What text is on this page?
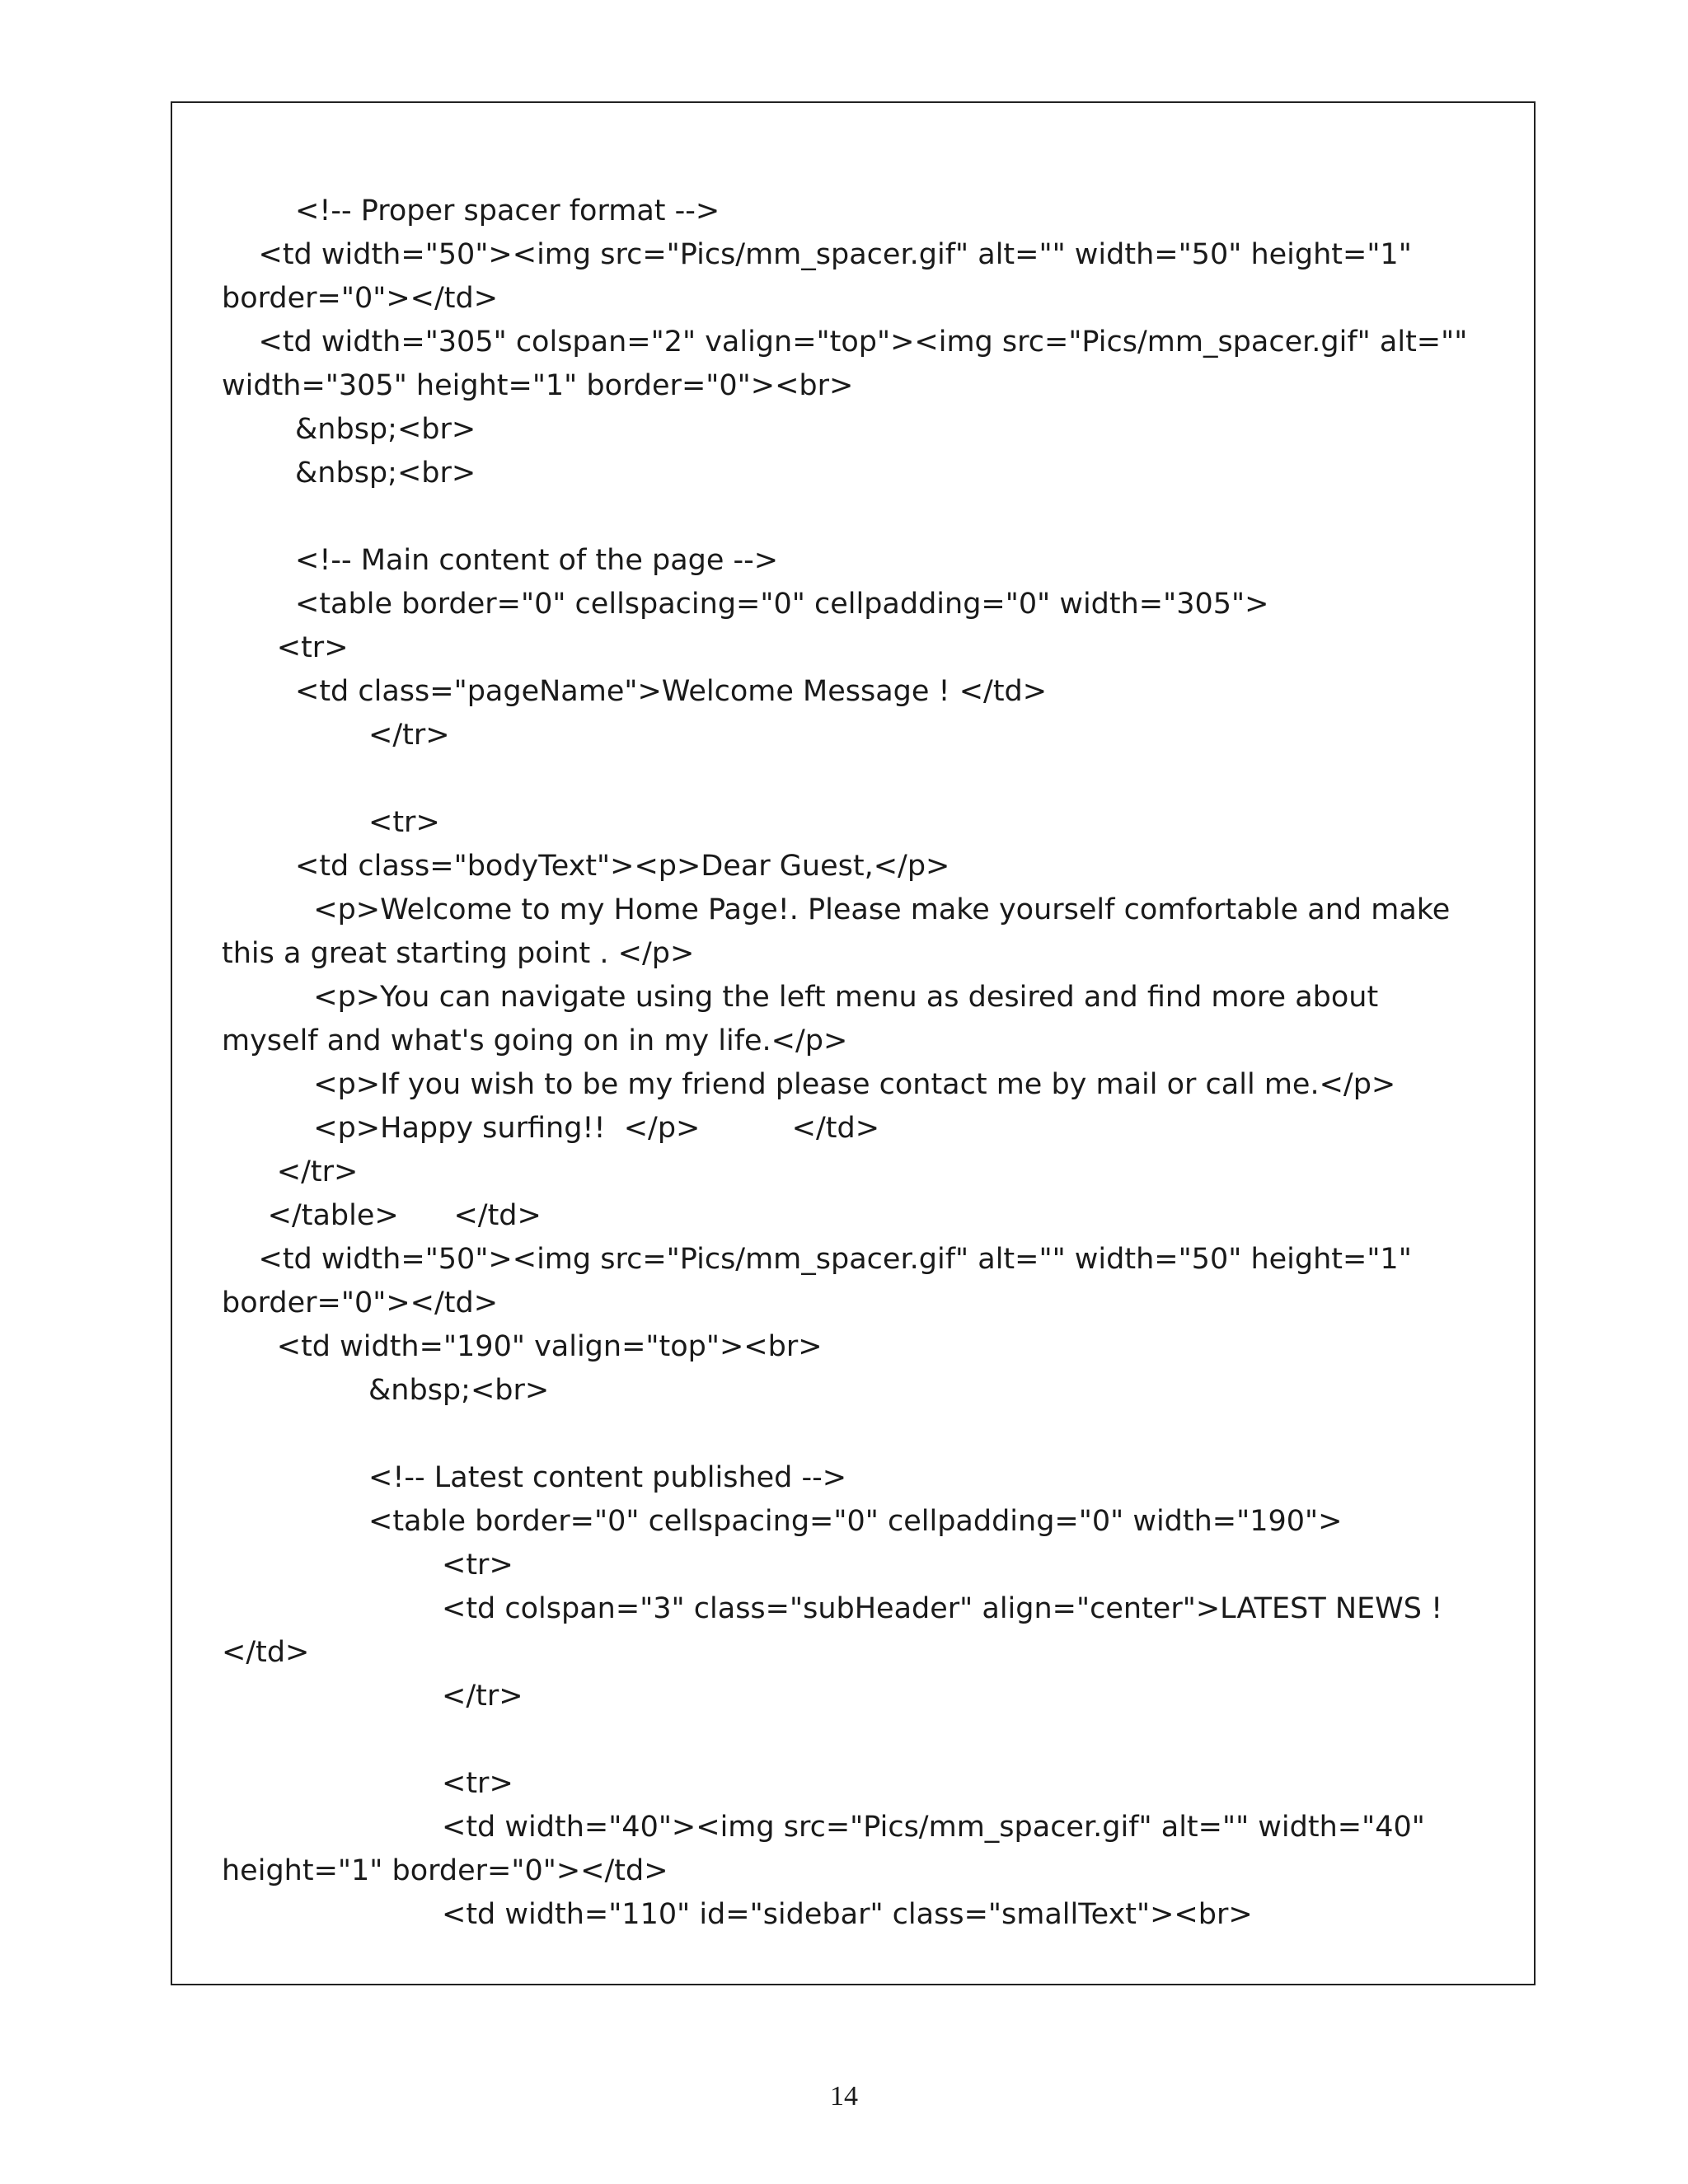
<!-- Proper spacer format -->
<td width="50"><img src="Pics/mm_spacer.gif" alt="" width="50" height="1"
border="0"></td>
<td width="305" colspan="2" valign="top"><img src="Pics/mm_spacer.gif" alt=""
width="305" height="1" border="0"><br>
&nbsp;<br>
&nbsp;<br>
<!-- Main content of the page -->
<table border="0" cellspacing="0" cellpadding="0" width="305">
<tr>
<td class="pageName">Welcome Message ! </td>
</tr>
<tr>
<td class="bodyText"><p>Dear Guest,</p>
<p>Welcome to my Home Page!. Please make yourself comfortable and make
this a great starting point . </p>
<p>You can navigate using the left menu as desired and find more about
myself and what's going on in my life.</p>
<p>If you wish to be my friend please contact me by mail or call me.</p>
<p>Happy surfing!!  </p>          </td>
</tr>
</table>      </td>
<td width="50"><img src="Pics/mm_spacer.gif" alt="" width="50" height="1"
border="0"></td>
<td width="190" valign="top"><br>
&nbsp;<br>
<!-- Latest content published -->
<table border="0" cellspacing="0" cellpadding="0" width="190">
<tr>
<td colspan="3" class="subHeader" align="center">LATEST NEWS !
</td>
</tr>
<tr>
<td width="40"><img src="Pics/mm_spacer.gif" alt="" width="40"
height="1" border="0"></td>
<td width="110" id="sidebar" class="smallText"><br>
14
